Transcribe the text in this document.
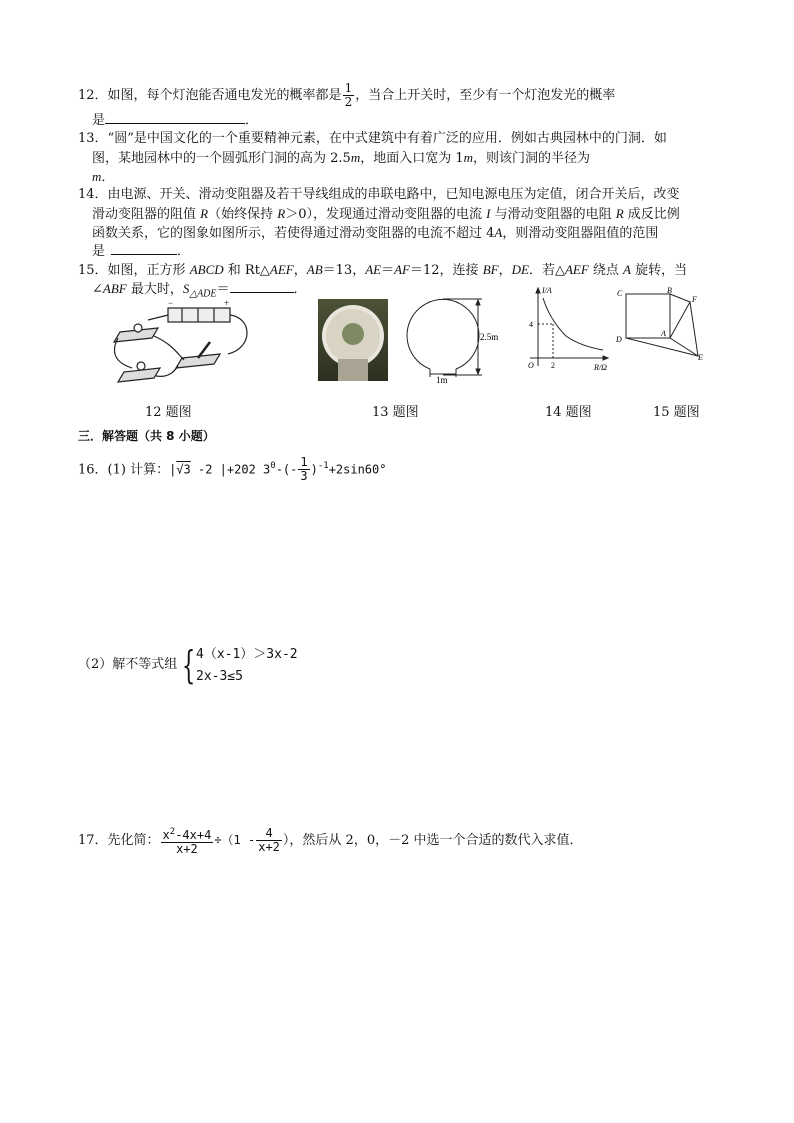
12．如图，每个灯泡能否通电发光的概率都是 $\frac{1}{2}$ ，当合上开关时，至少有一个灯泡发光的概率
是	．
13．“圆”是中国文化的一个重要精神元素，在中式建筑中有着广泛的应用．例如古典园林中的门洞．如
图，某地园林中的一个圆弧形门洞的高为 2.5m，地面入口宽为 1m，则该门洞的半径为
m．
14．由电源、开关、滑动变阻器及若干导线组成的串联电路中，已知电源电压为定值，闭合开关后，改变
滑动变阻器的阻值 R（始终保持 R＞0），发现通过滑动变阻器的电流 I 与滑动变阻器的电阻 R 成反比例
函数关系，它的图象如图所示，若使得通过滑动变阻器的电流不超过 4A，则滑动变阻器阻值的范围
是	．
15．如图，正方形 ABCD 和 Rt△AEF，AB＝13，AE＝AF＝12，连接 BF，DE．若△AEF 绕点 A 旋转，当
∠ABF 最大时，$S_{\triangle ADE}=$	．
−	+
2.5m
1m
I/A
R/Ω
O
4
2
C	B
F
A
D
E
12 题图	13 题图	14 题图	15 题图
三．解答题（共 8 小题）
16．(1) 计算：|√3 -2 |+202 $3^0-(- \frac{1}{3} )^{-1}+2\sin 60^\circ$
（2）解不等式组 { 4（x-1）＞3x-2
2x-3≤5
17．先化简： $\frac{x^2-4x+4}{x+2} \div(1 - \frac{4}{x+2}$ ），然后从 2，0，－2 中选一个合适的数代入求值．
